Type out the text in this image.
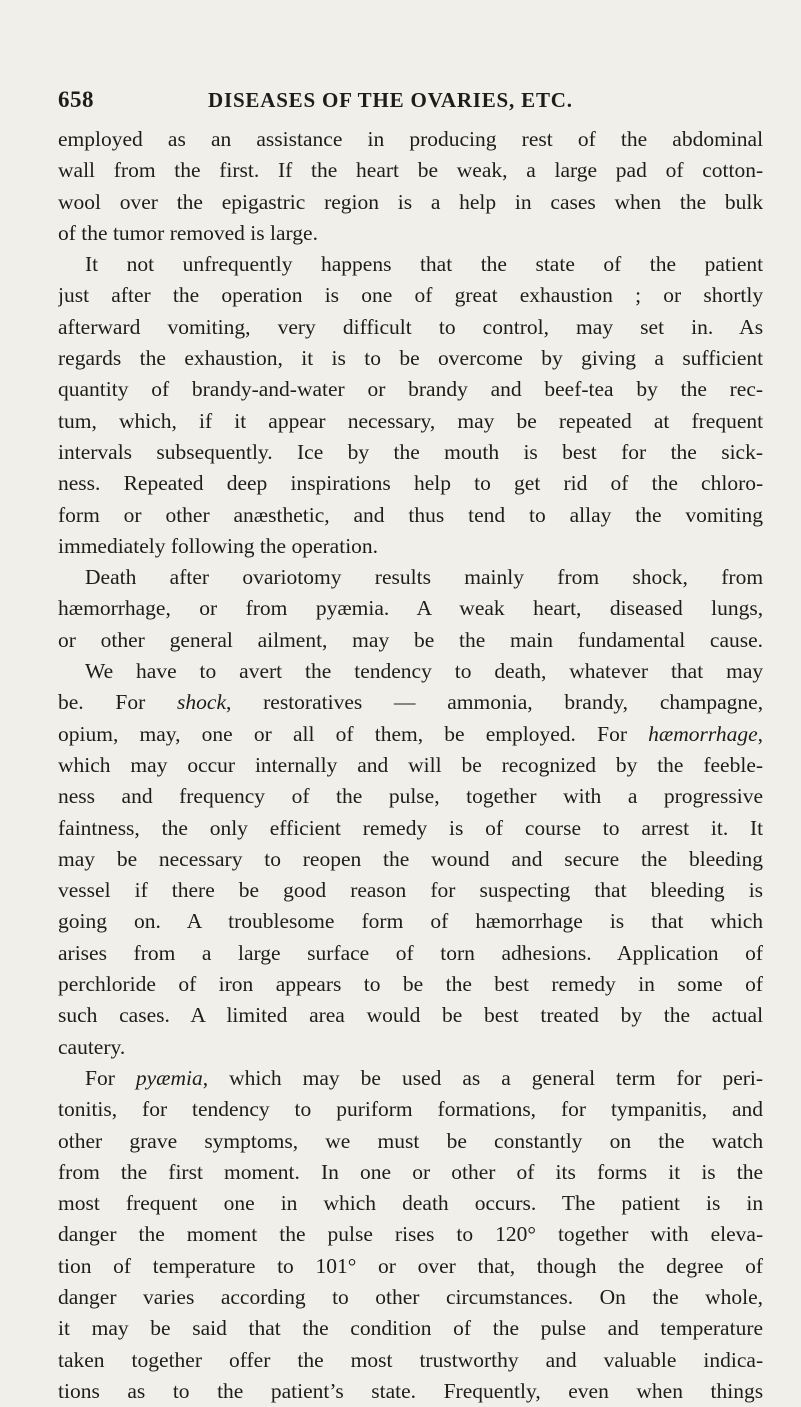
658	DISEASES OF THE OVARIES, ETC.
employed as an assistance in producing rest of the abdominal
wall from the first. If the heart be weak, a large pad of cotton-
wool over the epigastric region is a help in cases when the bulk
of the tumor removed is large.
It not unfrequently happens that the state of the patient
just after the operation is one of great exhaustion ; or shortly
afterward vomiting, very difficult to control, may set in. As
regards the exhaustion, it is to be overcome by giving a sufficient
quantity of brandy-and-water or brandy and beef-tea by the rec-
tum, which, if it appear necessary, may be repeated at frequent
intervals subsequently. Ice by the mouth is best for the sick-
ness. Repeated deep inspirations help to get rid of the chloro-
form or other anæsthetic, and thus tend to allay the vomiting
immediately following the operation.
Death after ovariotomy results mainly from shock, from
hæmorrhage, or from pyæmia. A weak heart, diseased lungs,
or other general ailment, may be the main fundamental cause.
We have to avert the tendency to death, whatever that may
be. For shock, restoratives — ammonia, brandy, champagne,
opium, may, one or all of them, be employed. For hæmorrhage,
which may occur internally and will be recognized by the feeble-
ness and frequency of the pulse, together with a progressive
faintness, the only efficient remedy is of course to arrest it. It
may be necessary to reopen the wound and secure the bleeding
vessel if there be good reason for suspecting that bleeding is
going on. A troublesome form of hæmorrhage is that which
arises from a large surface of torn adhesions. Application of
perchloride of iron appears to be the best remedy in some of
such cases. A limited area would be best treated by the actual
cautery.
For pyæmia, which may be used as a general term for peri-
tonitis, for tendency to puriform formations, for tympanitis, and
other grave symptoms, we must be constantly on the watch
from the first moment. In one or other of its forms it is the
most frequent one in which death occurs. The patient is in
danger the moment the pulse rises to 120° together with eleva-
tion of temperature to 101° or over that, though the degree of
danger varies according to other circumstances. On the whole,
it may be said that the condition of the pulse and temperature
taken together offer the most trustworthy and valuable indica-
tions as to the patient’s state. Frequently, even when things
